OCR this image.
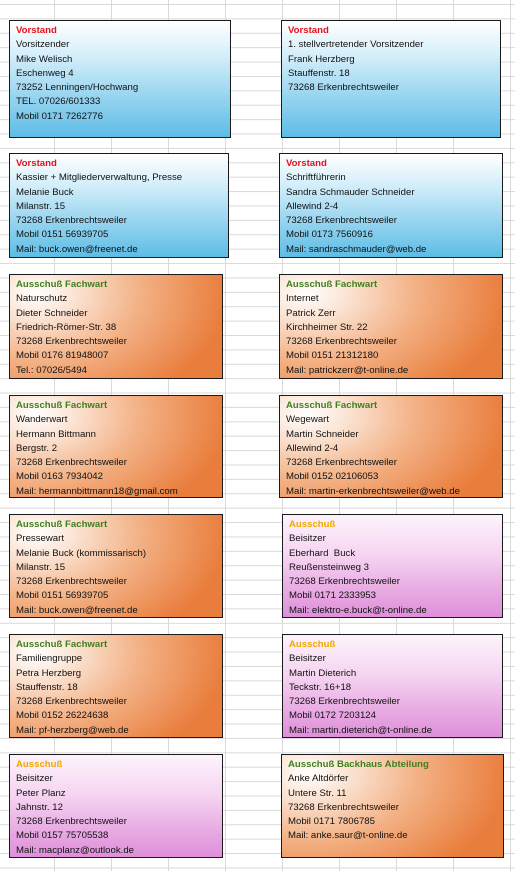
Vorstand
Vorsitzender
Mike Welisch
Eschenweg 4
73252 Lenningen/Hochwang
TEL. 07026/601333
Mobil 0171 7262776
Vorstand
1. stellvertretender Vorsitzender
Frank Herzberg
Stauffenstr. 18
73268 Erkenbrechtsweiler
Vorstand
Kassier + Mitgliederverwaltung, Presse
Melanie Buck
Milanstr. 15
73268 Erkenbrechtsweiler
Mobil 0151 56939705
Mail: buck.owen@freenet.de
Vorstand
Schriftführerin
Sandra Schmauder Schneider
Allewind 2-4
73268 Erkenbrechtsweiler
Mobil 0173 7560916
Mail: sandraschmauder@web.de
Ausschuß Fachwart
Naturschutz
Dieter Schneider
Friedrich-Römer-Str. 38
73268 Erkenbrechtsweiler
Mobil 0176 81948007
Tel.: 07026/5494
Ausschuß Fachwart
Internet
Patrick Zerr
Kirchheimer Str. 22
73268 Erkenbrechtsweiler
Mobil 0151 21312180
Mail: patrickzerr@t-online.de
Ausschuß Fachwart
Wanderwart
Hermann Bittmann
Bergstr. 2
73268 Erkenbrechtsweiler
Mobil 0163 7934042
Mail: hermannbittmann18@gmail.com
Ausschuß Fachwart
Wegewart
Martin Schneider
Allewind 2-4
73268 Erkenbrechtsweiler
Mobil 0152 02106053
Mail: martin-erkenbrechtsweiler@web.de
Ausschuß Fachwart
Pressewart
Melanie Buck (kommissarisch)
Milanstr. 15
73268 Erkenbrechtsweiler
Mobil 0151 56939705
Mail: buck.owen@freenet.de
Ausschuß
Beisitzer
Eberhard  Buck
Reußensteinweg 3
73268 Erkenbrechtsweiler
Mobil 0171 2333953
Mail: elektro-e.buck@t-online.de
Ausschuß Fachwart
Familiengruppe
Petra Herzberg
Stauffenstr. 18
73268 Erkenbrechtsweiler
Mobil 0152 26224638
Mail: pf-herzberg@web.de
Ausschuß
Beisitzer
Martin Dieterich
Teckstr. 16+18
73268 Erkenbrechtsweiler
Mobil 0172 7203124
Mail: martin.dieterich@t-online.de
Ausschuß
Beisitzer
Peter Planz
Jahnstr. 12
73268 Erkenbrechtsweiler
Mobil 0157 75705538
Mail: macplanz@outlook.de
Ausschuß Backhaus Abteilung
Anke Altdörfer
Untere Str. 11
73268 Erkenbrechtsweiler
Mobil 0171 7806785
Mail: anke.saur@t-online.de
